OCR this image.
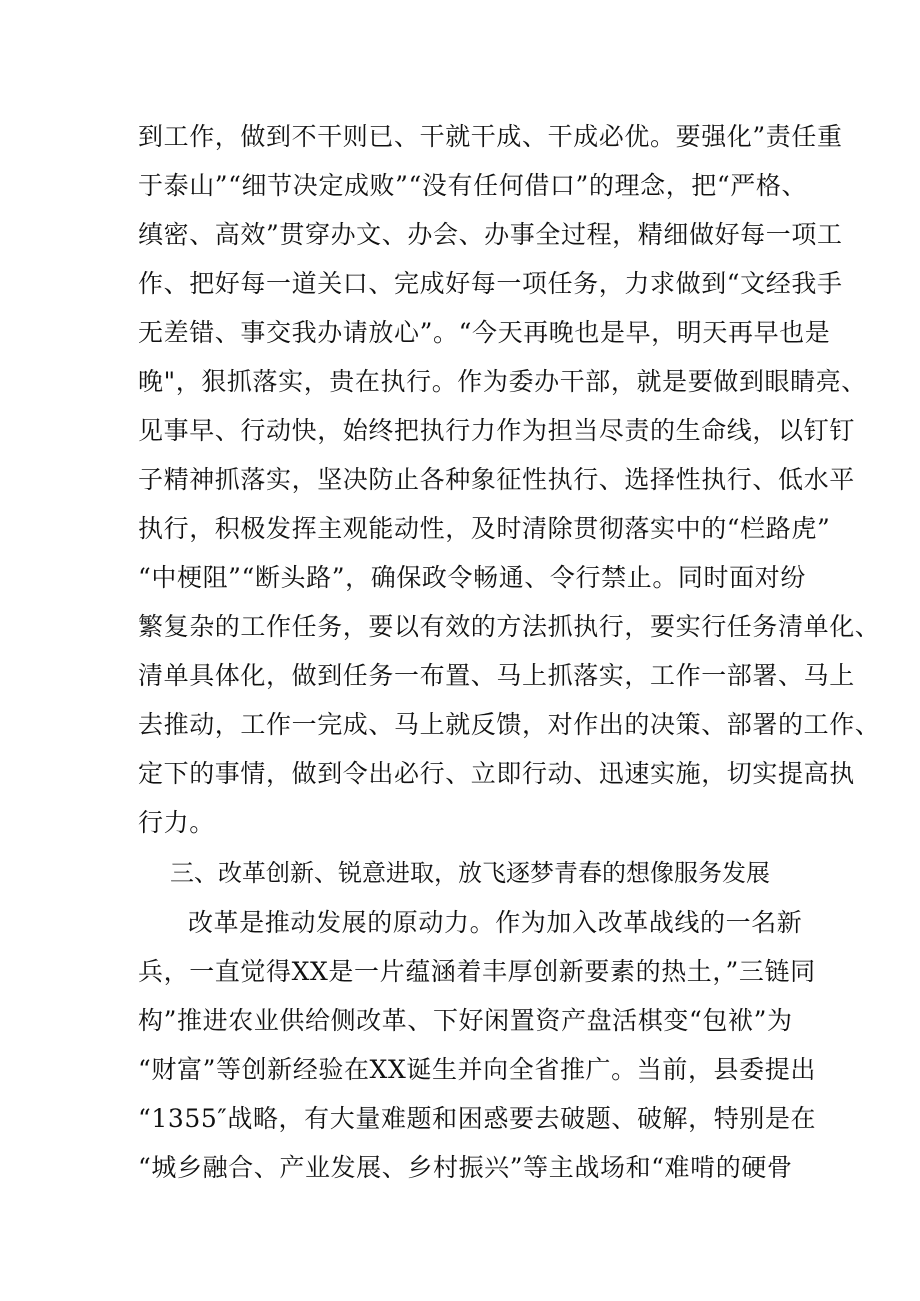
到工作，做到不干则已、干就干成、干成必优。要强化”责任重
于泰山”“细节决定成败”“没有任何借口”的理念，把“严格、
缜密、高效”贯穿办文、办会、办事全过程，精细做好每一项工
作、把好每一道关口、完成好每一项任务，力求做到“文经我手
无差错、事交我办请放心”。“今天再晚也是早，明天再早也是
晚"，狠抓落实，贵在执行。作为委办干部，就是要做到眼睛亮、
见事早、行动快，始终把执行力作为担当尽责的生命线，以钉钉
子精神抓落实，坚决防止各种象征性执行、选择性执行、低水平
执行，积极发挥主观能动性，及时清除贯彻落实中的“栏路虎”
“中梗阻”“断头路”，确保政令畅通、令行禁止。同时面对纷
繁复杂的工作任务，要以有效的方法抓执行，要实行任务清单化、
清单具体化，做到任务一布置、马上抓落实，工作一部署、马上
去推动，工作一完成、马上就反馈，对作出的决策、部署的工作、
定下的事情，做到令出必行、立即行动、迅速实施，切实提高执
行力。
三、改革创新、锐意进取，放飞逐梦青春的想像服务发展
改革是推动发展的原动力。作为加入改革战线的一名新
兵，一直觉得XX是一片蕴涵着丰厚创新要素的热土，”三链同
构”推进农业供给侧改革、下好闲置资产盘活棋变“包袱”为
“财富”等创新经验在XX诞生并向全省推广。当前，县委提出
“1355″战略，有大量难题和困惑要去破题、破解，特别是在
“城乡融合、产业发展、乡村振兴”等主战场和“难啃的硬骨
